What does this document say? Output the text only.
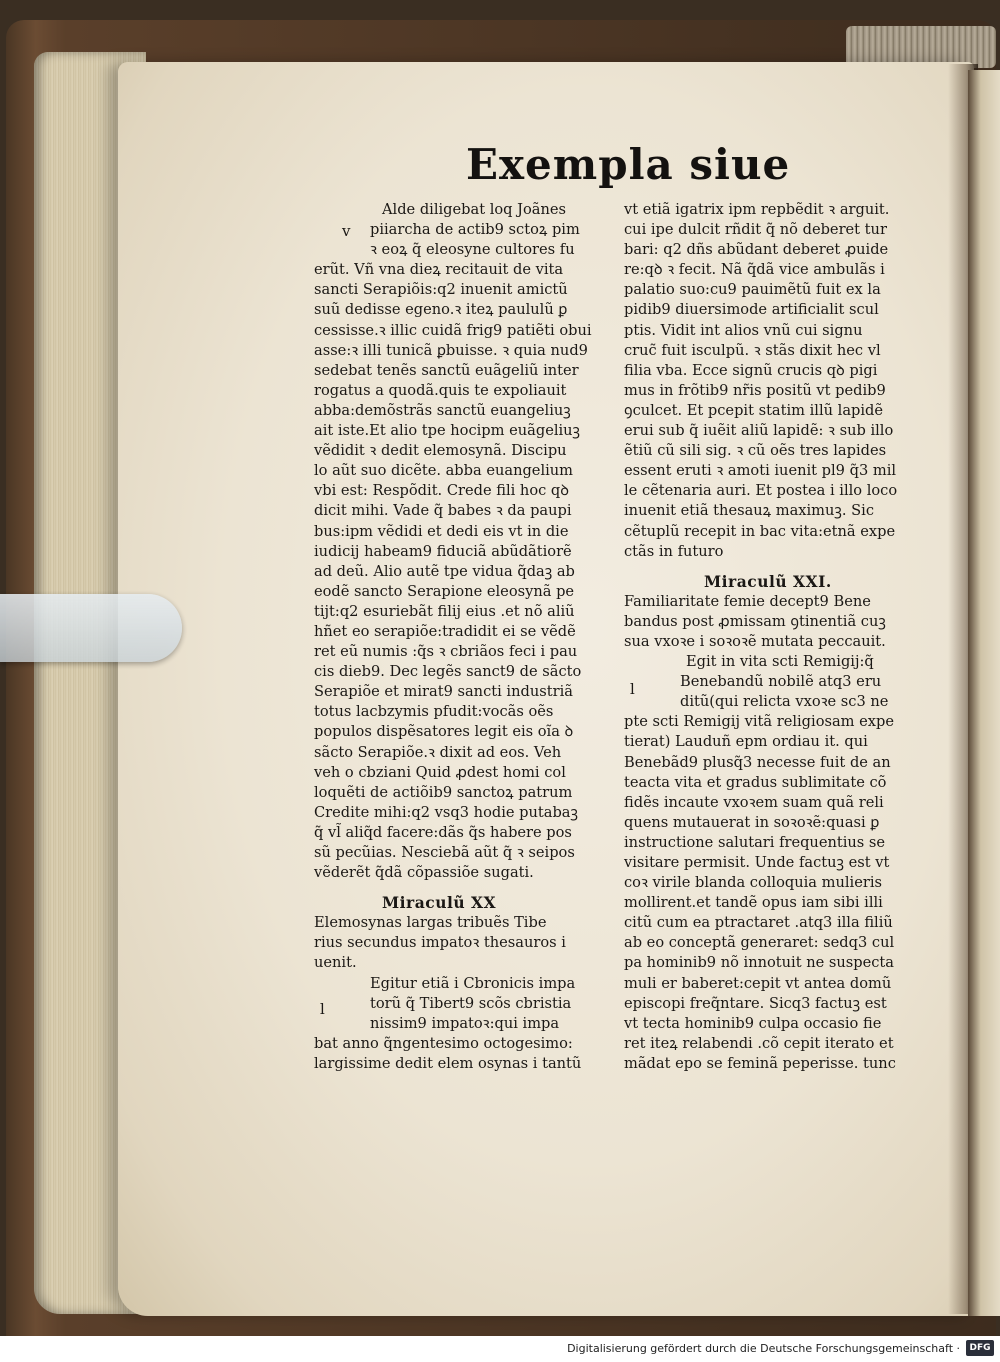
Exempla siue
v
l
l
Alde diligebat loq Joãnes
piiarcha de actib9 sctoꝝ pim
ꝛ eoꝝ q̃ eleosyne cultores fu
erũt. Vñ vna dieꝝ recitauit de vita
sancti Serapiõis:q2 inuenit amictũ
suũ dedisse egeno.ꝛ iteꝝ paululũ ꝑ
cessisse.ꝛ illic cuidã frig9 patiẽti obui
asse:ꝛ illi tunicã ꝑbuisse. ꝛ quia nud9
sedebat tenẽs sanctũ euãgeliũ inter
rogatus a quodã.quis te expoliauit
abba:demõstrãs sanctũ euangeliuꝫ
ait iste.Et alio tpe hocipm euãgeliuꝫ
vẽdidit ꝛ dedit elemosynã. Discipu
lo aũt suo dicẽte. abba euangelium
vbi est: Respõdit. Crede fili hoc qꝺ
dicit mihi. Vade q̃ babes ꝛ da paupi
bus:ipm vẽdidi et dedi eis vt in die
iudicij habeam9 fiduciã abũdãtiorẽ
ad deũ. Alio autẽ tpe vidua q̃daꝫ ab
eodẽ sancto Serapione eleosynã pe
tijt:q2 esuriebãt filij eius .et nõ aliũ
hñet eo serapiõe:tradidit ei se vẽdẽ
ret eũ numis :q̃s ꝛ cbriãos feci i pau
cis dieb9. Dec legẽs sanct9 de sãcto
Serapiõe et mirat9 sancti industriã
totus lacbzymis pfudit:vocãs oẽs
populos dispẽsatores legit eis oĩa ꝺ
sãcto Serapiõe.ꝛ dixit ad eos. Veh
veh o cbziani Quid ꝓdest homi col
loquẽti de actiõib9 sanctoꝝ patrum
Credite mihi:q2 vsq3 hodie putabaꝫ
q̃ vl̃ aliq̃d facere:dãs q̃s habere pos
sũ pecũias. Nesciebã aũt q̃ ꝛ seipos
vẽderẽt q̃dã cõpassiõe sugati.
Miraculũ XX
Elemosynas largas tribuẽs Tibe
rius secundus impatoꝛ thesauros i
uenit.
Egitur etiã i Cbronicis impa
torũ q̃ Tibert9 scõs cbristia
nissim9 impatoꝛ:qui impa
bat anno q̃ngentesimo octogesimo:
largissime dedit elem osynas i tantũ
vt etiã igatrix ipm repbẽdit ꝛ arguit.
cui ipe dulcit rñdit q̃ nõ deberet tur
bari: q2 dñs abũdant deberet ꝓuide
re:qꝺ ꝛ fecit. Nã q̃dã vice ambulãs i
palatio suo:cu9 pauimẽtũ fuit ex la
pidib9 diuersimode artificialit scul
ptis. Vidit int alios vnũ cui signu
cruc̃ fuit isculpũ. ꝛ stãs dixit hec vl
filia vba. Ecce signũ crucis qꝺ pigi
mus in frõtib9 nr̃is positũ vt pedib9
ꝯculcet. Et pcepit statim illũ lapidẽ
erui sub q̃ iuẽit aliũ lapidẽ: ꝛ sub illo
ẽtiũ cũ sili sig. ꝛ cũ oẽs tres lapides
essent eruti ꝛ amoti iuenit pl9 q̃3 mil
le cẽtenaria auri. Et postea i illo loco
inuenit etiã thesauꝝ maximuꝫ. Sic
cẽtuplũ recepit in bac vita:etnã expe
ctãs in futuro
Miraculũ XXI.
Familiaritate femie decept9 Bene
bandus post ꝓmissam ꝯtinentiã cuꝫ
sua vxoꝛe i soꝛoꝛẽ mutata peccauit.
Egit in vita scti Remigij:q̃
Benebandũ nobilẽ atq3 eru
ditũ(qui relicta vxoꝛe sc3 ne
pte scti Remigij vitã religiosam expe
tierat) Lauduñ epm ordiau it. qui
Benebãd9 plusq̃3 necesse fuit de an
teacta vita et gradus sublimitate cõ
fidẽs incaute vxoꝛem suam quã reli
quens mutauerat in soꝛoꝛẽ:quasi ꝑ
instructione salutari frequentius se
visitare permisit. Unde factuꝫ est vt
coꝛ virile blanda colloquia mulieris
mollirent.et tandẽ opus iam sibi illi
citũ cum ea ptractaret .atq3 illa filiũ
ab eo conceptã generaret: sedq3 cul
pa hominib9 nõ innotuit ne suspecta
muli er baberet:cepit vt antea domũ
episcopi freq̃ntare. Sicq3 factuꝫ est
vt tecta hominib9 culpa occasio fie
ret iteꝝ relabendi .cõ cepit iterato et
mãdat epo se feminã peperisse. tunc
Digitalisierung gefördert durch die Deutsche Forschungsgemeinschaft ·	DFG
